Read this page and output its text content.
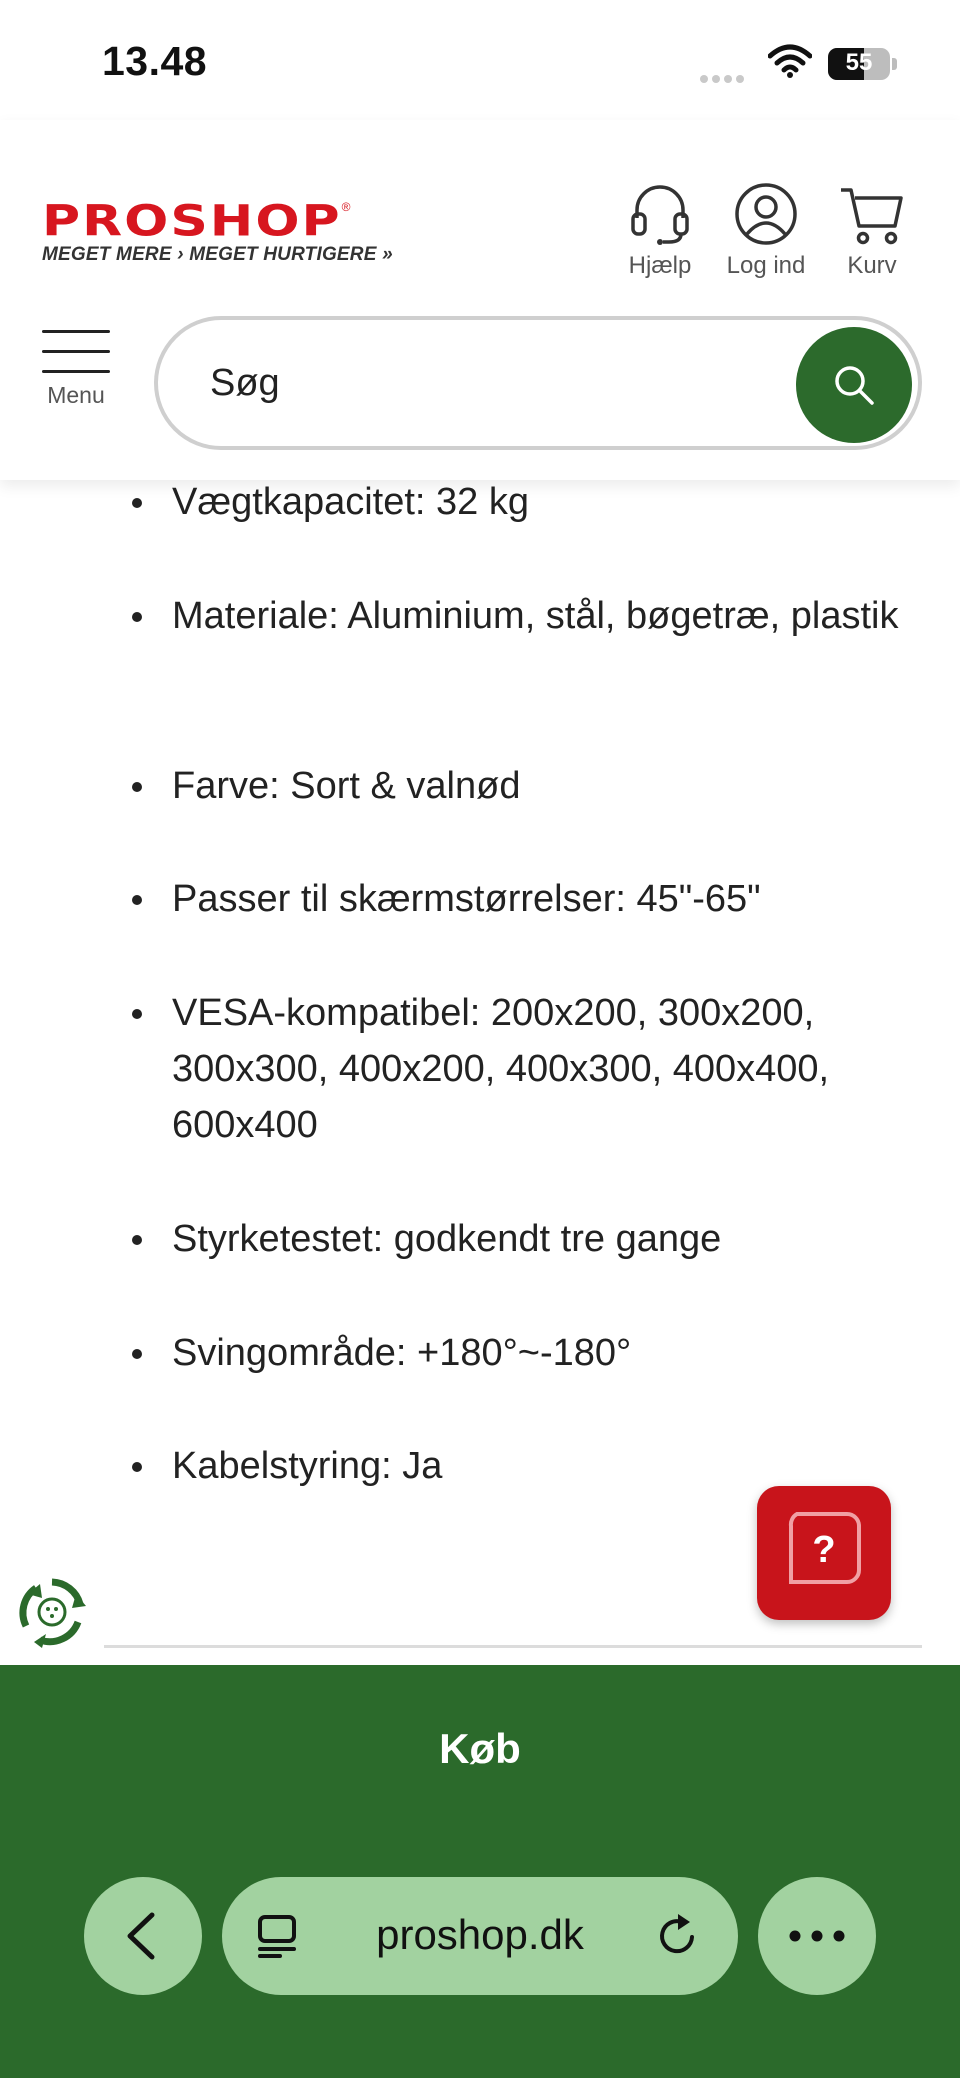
13.48	55
PROSHOP®
MEGET MERE › MEGET HURTIGERE »	Hjælp	Log ind	Kurv
Menu
Søg
Vægtkapacitet: 32 kg
Materiale: Aluminium, stål, bøgetræ, plastik
Farve: Sort & valnød
Passer til skærmstørrelser: 45"-65"
VESA-kompatibel: 200x200, 300x200, 300x300, 400x200, 400x300, 400x400, 600x400
Styrketestet: godkendt tre gange
Svingområde: +180°~-180°
Kabelstyring: Ja
?
Køb
proshop.dk
